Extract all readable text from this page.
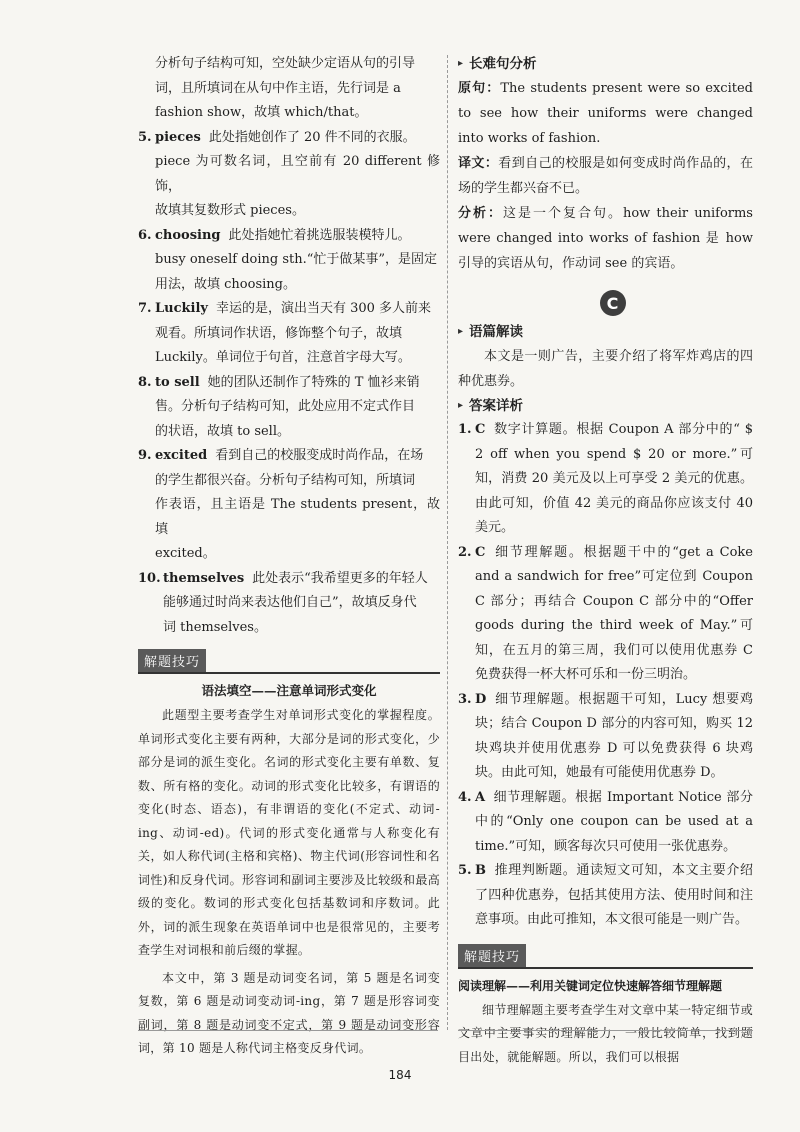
分析句子结构可知，空处缺少定语从句的引导

词，且所填词在从句中作主语，先行词是 a

fashion show，故填 which/that。

5. pieces 此处指她创作了 20 件不同的衣服。
piece 为可数名词，且空前有 20 different 修饰，
故填其复数形式 pieces。
6. choosing 此处指她忙着挑选服装模特儿。
busy oneself doing sth.“忙于做某事”，是固定
用法，故填 choosing。
7. Luckily 幸运的是，演出当天有 300 多人前来
观看。所填词作状语，修饰整个句子，故填
Luckily。单词位于句首，注意首字母大写。
8. to sell 她的团队还制作了特殊的 T 恤衫来销
售。分析句子结构可知，此处应用不定式作目
的状语，故填 to sell。
9. excited 看到自己的校服变成时尚作品，在场
的学生都很兴奋。分析句子结构可知，所填词
作表语，且主语是 The students present，故填
excited。
10. themselves 此处表示“我希望更多的年轻人
能够通过时尚来表达他们自己”，故填反身代
词 themselves。
解题技巧
语法填空——注意单词形式变化

此题型主要考查学生对单词形式变化的掌握程度。单词形式变化主要有两种，大部分是词的形式变化，少部分是词的派生变化。名词的形式变化主要有单数、复数、所有格的变化。动词的形式变化比较多，有谓语的变化(时态、语态)，有非谓语的变化(不定式、动词-ing、动词-ed)。代词的形式变化通常与人称变化有关，如人称代词(主格和宾格)、物主代词(形容词性和名词性)和反身代词。形容词和副词主要涉及比较级和最高级的变化。数词的形式变化包括基数词和序数词。此外，词的派生现象在英语单词中也是很常见的，主要考查学生对词根和前后缀的掌握。

本文中，第 3 题是动词变名词，第 5 题是名词变复数，第 6 题是动词变动词-ing，第 7 题是形容词变副词，第 8 题是动词变不定式，第 9 题是动词变形容词，第 10 题是人称代词主格变反身代词。

▸ 长难句分析

原句：The students present were so excited to see how their uniforms were changed into works of fashion.

译文：看到自己的校服是如何变成时尚作品的，在场的学生都兴奋不已。

分析：这是一个复合句。how their uniforms were changed into works of fashion 是 how 引导的宾语从句，作动词 see 的宾语。

C
▸ 语篇解读

本文是一则广告，主要介绍了将军炸鸡店的四种优惠券。

▸ 答案详析
1. C 数字计算题。根据 Coupon A 部分中的“ $ 2 off when you spend $ 20 or more.”可知，消费 20 美元及以上可享受 2 美元的优惠。由此可知，价值 42 美元的商品你应该支付 40 美元。
2. C 细节理解题。根据题干中的“get a Coke and a sandwich for free”可定位到 Coupon C 部分；再结合 Coupon C 部分中的“Offer goods during the third week of May.”可知，在五月的第三周，我们可以使用优惠券 C 免费获得一杯大杯可乐和一份三明治。
3. D 细节理解题。根据题干可知，Lucy 想要鸡块；结合 Coupon D 部分的内容可知，购买 12 块鸡块并使用优惠券 D 可以免费获得 6 块鸡块。由此可知，她最有可能使用优惠券 D。
4. A 细节理解题。根据 Important Notice 部分中的“Only one coupon can be used at a time.”可知，顾客每次只可使用一张优惠券。
5. B 推理判断题。通读短文可知，本文主要介绍了四种优惠券，包括其使用方法、使用时间和注意事项。由此可推知，本文很可能是一则广告。
解题技巧
阅读理解——利用关键词定位快速解答细节理解题

细节理解题主要考查学生对文章中某一特定细节或文章中主要事实的理解能力，一般比较简单，找到题目出处，就能解题。所以，我们可以根据

184
